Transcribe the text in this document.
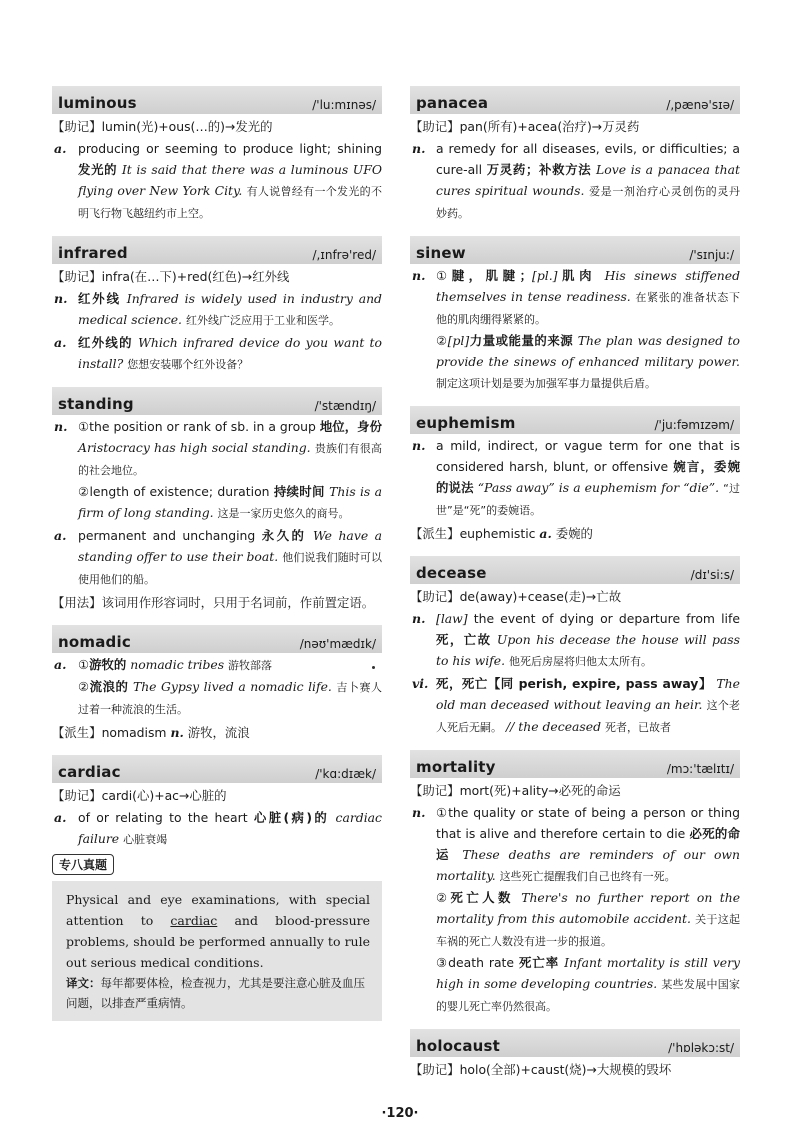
luminous	/'lu:mɪnəs/
【助记】lumin(光)+ous(…的)→发光的
a. producing or seeming to produce light; shining 发光的 It is said that there was a luminous UFO flying over New York City. 有人说曾经有一个发光的不明飞行物飞越纽约市上空。
infrared	/,ɪnfrə'red/
【助记】infra(在…下)+red(红色)→红外线
n. 红外线 Infrared is widely used in industry and medical science. 红外线广泛应用于工业和医学。
a. 红外线的 Which infrared device do you want to install? 您想安装哪个红外设备？
standing	/'stændɪŋ/
n. ①the position or rank of sb. in a group 地位，身份 Aristocracy has high social standing. 贵族们有很高的社会地位。
②length of existence; duration 持续时间 This is a firm of long standing. 这是一家历史悠久的商号。
a. permanent and unchanging 永久的 We have a standing offer to use their boat. 他们说我们随时可以使用他们的船。
【用法】该词用作形容词时，只用于名词前，作前置定语。
nomadic	/nəʊ'mædɪk/
a. ①游牧的 nomadic tribes 游牧部落
②流浪的 The Gypsy lived a nomadic life. 吉卜赛人过着一种流浪的生活。
【派生】nomadism n. 游牧，流浪
cardiac	/'kɑ:dɪæk/
【助记】cardi(心)+ac→心脏的
a. of or relating to the heart 心脏(病)的 cardiac failure 心脏衰竭
专八真题
Physical and eye examinations, with special attention to cardiac and blood-pressure problems, should be performed annually to rule out serious medical conditions.
译文：每年都要体检，检查视力，尤其是要注意心脏及血压问题，以排查严重病情。
panacea	/,pænə'sɪə/
【助记】pan(所有)+acea(治疗)→万灵药
n. a remedy for all diseases, evils, or difficulties; a cure-all 万灵药；补救方法 Love is a panacea that cures spiritual wounds. 爱是一剂治疗心灵创伤的灵丹妙药。
sinew	/'sɪnju:/
n. ①腱，肌腱；[pl.]肌肉 His sinews stiffened themselves in tense readiness. 在紧张的准备状态下他的肌肉绷得紧紧的。
②[pl]力量或能量的来源 The plan was designed to provide the sinews of enhanced military power. 制定这项计划是要为加强军事力量提供后盾。
euphemism	/'ju:fəmɪzəm/
n. a mild, indirect, or vague term for one that is considered harsh, blunt, or offensive 婉言，委婉的说法 “Pass away” is a euphemism for “die”. “过世”是“死”的委婉语。
【派生】euphemistic a. 委婉的
decease	/dɪ'si:s/
【助记】de(away)+cease(走)→亡故
n. [law] the event of dying or departure from life 死，亡故 Upon his decease the house will pass to his wife. 他死后房屋将归他太太所有。
vi. 死，死亡【同 perish, expire, pass away】 The old man deceased without leaving an heir. 这个老人死后无嗣。 // the deceased 死者，已故者
mortality	/mɔ:'tælɪtɪ/
【助记】mort(死)+ality→必死的命运
n. ①the quality or state of being a person or thing that is alive and therefore certain to die 必死的命运 These deaths are reminders of our own mortality. 这些死亡提醒我们自己也终有一死。
②死亡人数 There's no further report on the mortality from this automobile accident. 关于这起车祸的死亡人数没有进一步的报道。
③death rate 死亡率 Infant mortality is still very high in some developing countries. 某些发展中国家的婴儿死亡率仍然很高。
holocaust	/'hɒləkɔ:st/
【助记】holo(全部)+caust(烧)→大规模的毁坏
·120·
